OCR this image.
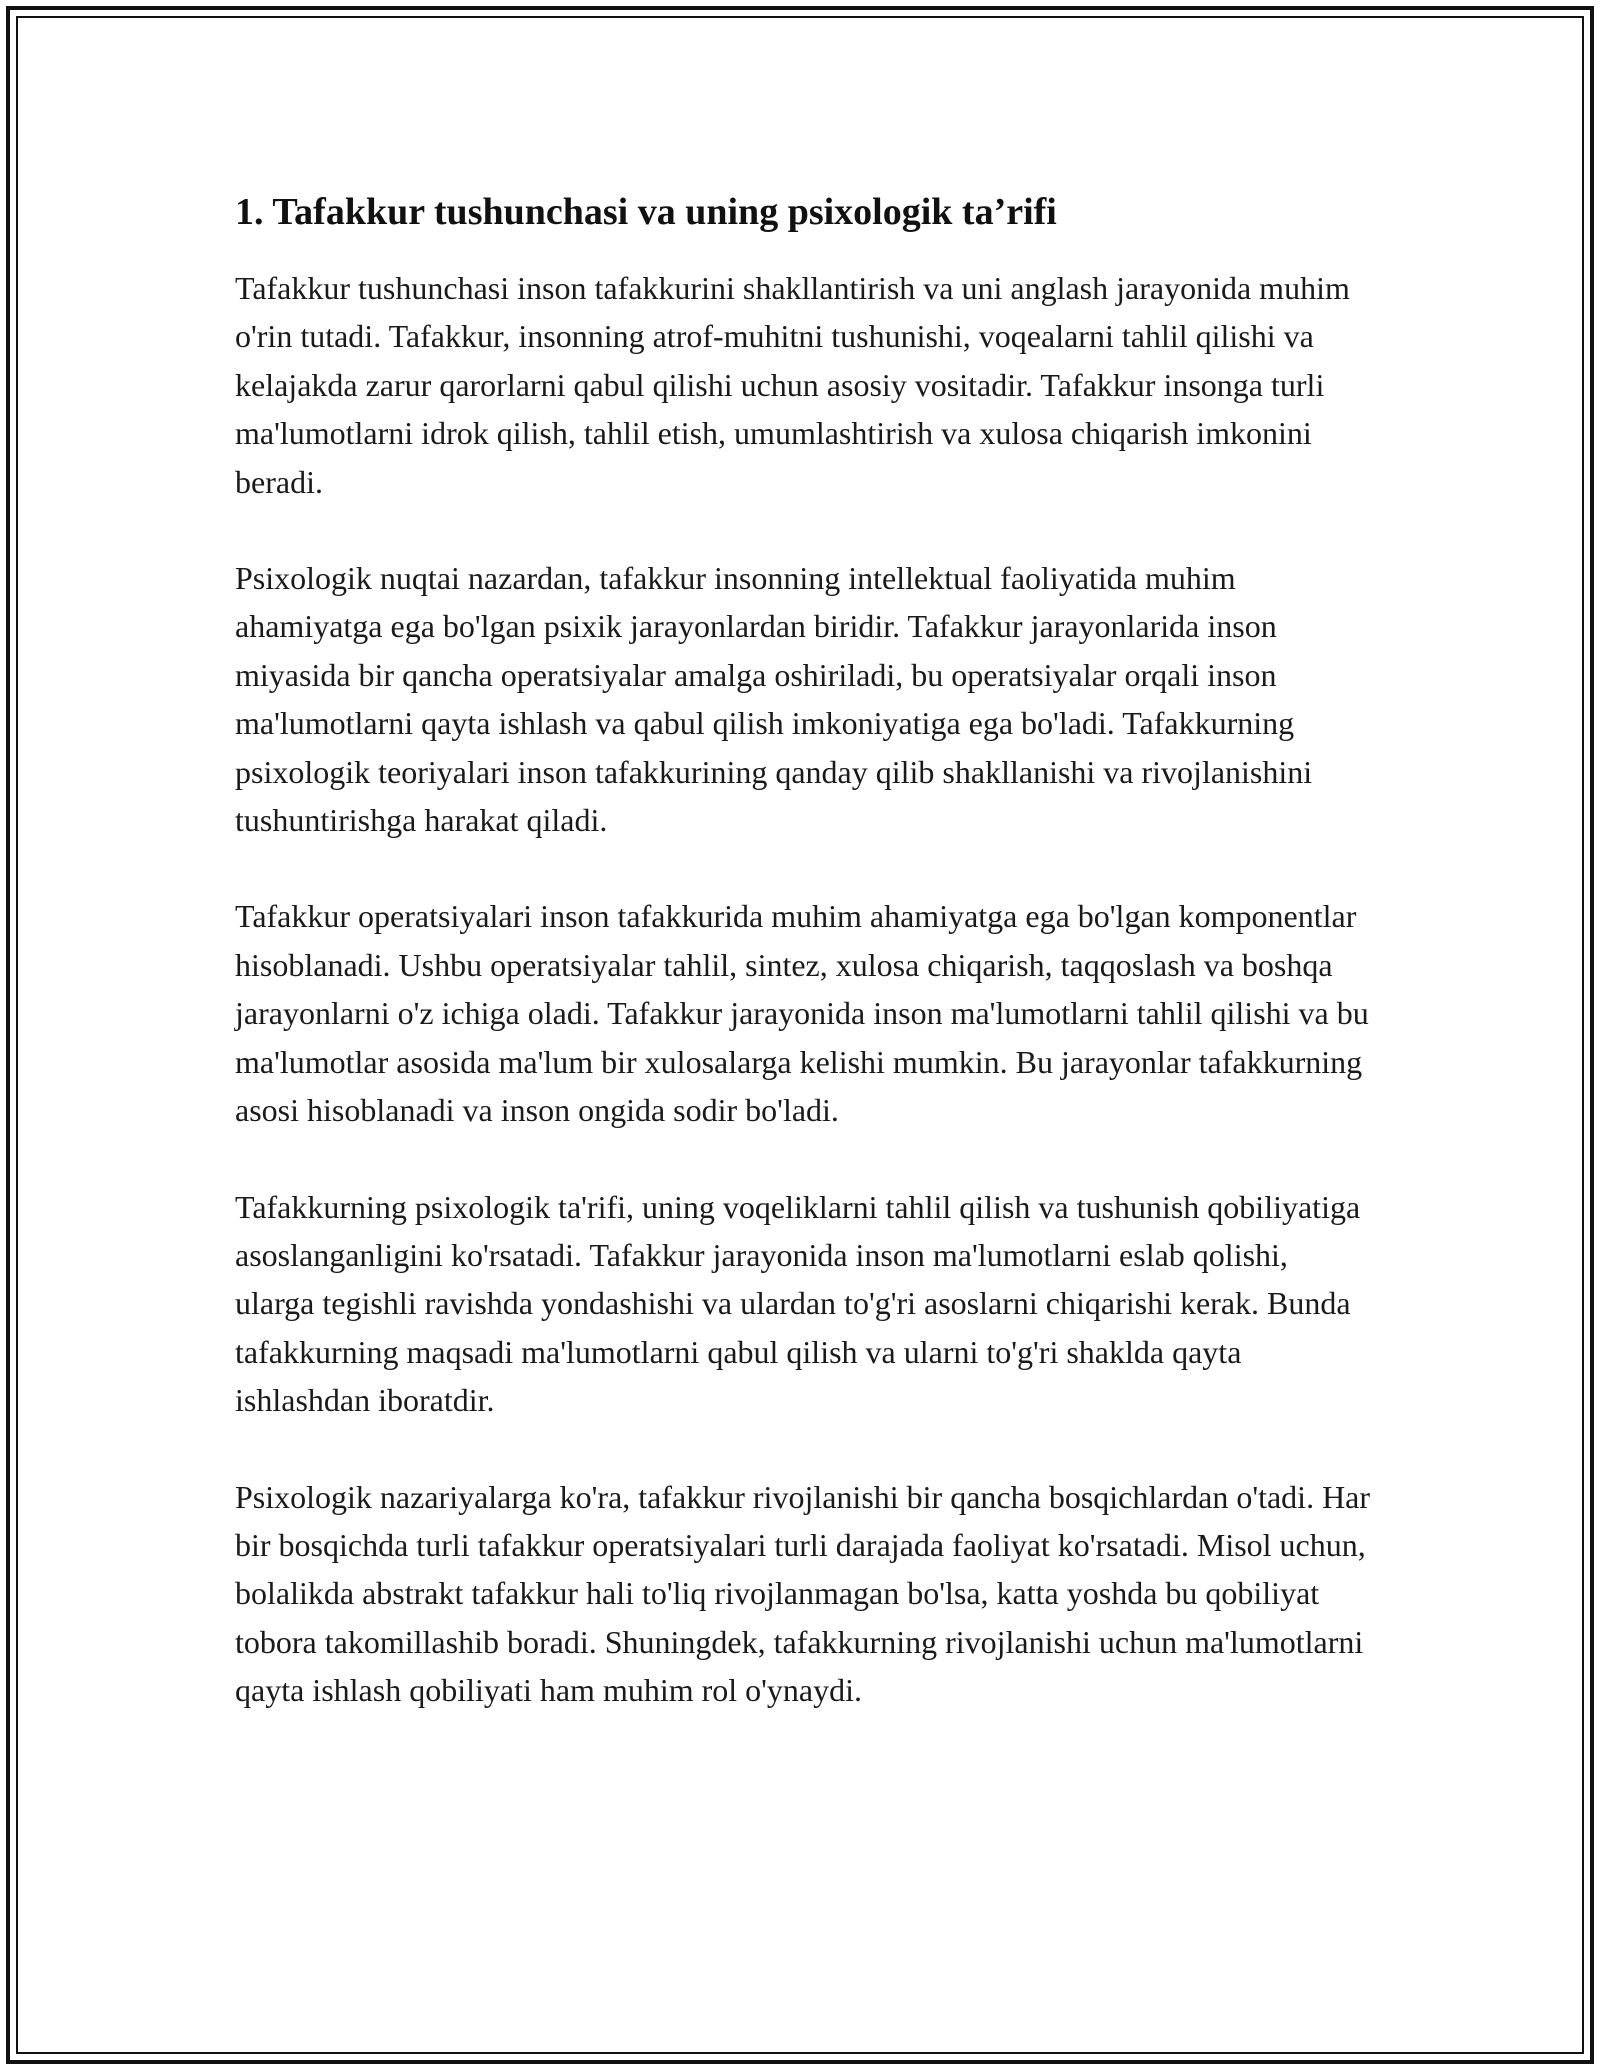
1. Tafakkur tushunchasi va uning psixologik ta’rifi

Tafakkur tushunchasi inson tafakkurini shakllantirish va uni anglash jarayonida muhim o'rin tutadi. Tafakkur, insonning atrof-muhitni tushunishi, voqealarni tahlil qilishi va kelajakda zarur qarorlarni qabul qilishi uchun asosiy vositadir. Tafakkur insonga turli ma'lumotlarni idrok qilish, tahlil etish, umumlashtirish va xulosa chiqarish imkonini beradi.

Psixologik nuqtai nazardan, tafakkur insonning intellektual faoliyatida muhim ahamiyatga ega bo'lgan psixik jarayonlardan biridir. Tafakkur jarayonlarida inson miyasida bir qancha operatsiyalar amalga oshiriladi, bu operatsiyalar orqali inson ma'lumotlarni qayta ishlash va qabul qilish imkoniyatiga ega bo'ladi. Tafakkurning psixologik teoriyalari inson tafakkurining qanday qilib shakllanishi va rivojlanishini tushuntirishga harakat qiladi.

Tafakkur operatsiyalari inson tafakkurida muhim ahamiyatga ega bo'lgan komponentlar hisoblanadi. Ushbu operatsiyalar tahlil, sintez, xulosa chiqarish, taqqoslash va boshqa jarayonlarni o'z ichiga oladi. Tafakkur jarayonida inson ma'lumotlarni tahlil qilishi va bu ma'lumotlar asosida ma'lum bir xulosalarga kelishi mumkin. Bu jarayonlar tafakkurning asosi hisoblanadi va inson ongida sodir bo'ladi.

Tafakkurning psixologik ta'rifi, uning voqeliklarni tahlil qilish va tushunish qobiliyatiga asoslanganligini ko'rsatadi. Tafakkur jarayonida inson ma'lumotlarni eslab qolishi, ularga tegishli ravishda yondashishi va ulardan to'g'ri asoslarni chiqarishi kerak. Bunda tafakkurning maqsadi ma'lumotlarni qabul qilish va ularni to'g'ri shaklda qayta ishlashdan iboratdir.

Psixologik nazariyalarga ko'ra, tafakkur rivojlanishi bir qancha bosqichlardan o'tadi. Har bir bosqichda turli tafakkur operatsiyalari turli darajada faoliyat ko'rsatadi. Misol uchun, bolalikda abstrakt tafakkur hali to'liq rivojlanmagan bo'lsa, katta yoshda bu qobiliyat tobora takomillashib boradi. Shuningdek, tafakkurning rivojlanishi uchun ma'lumotlarni qayta ishlash qobiliyati ham muhim rol o'ynaydi.
